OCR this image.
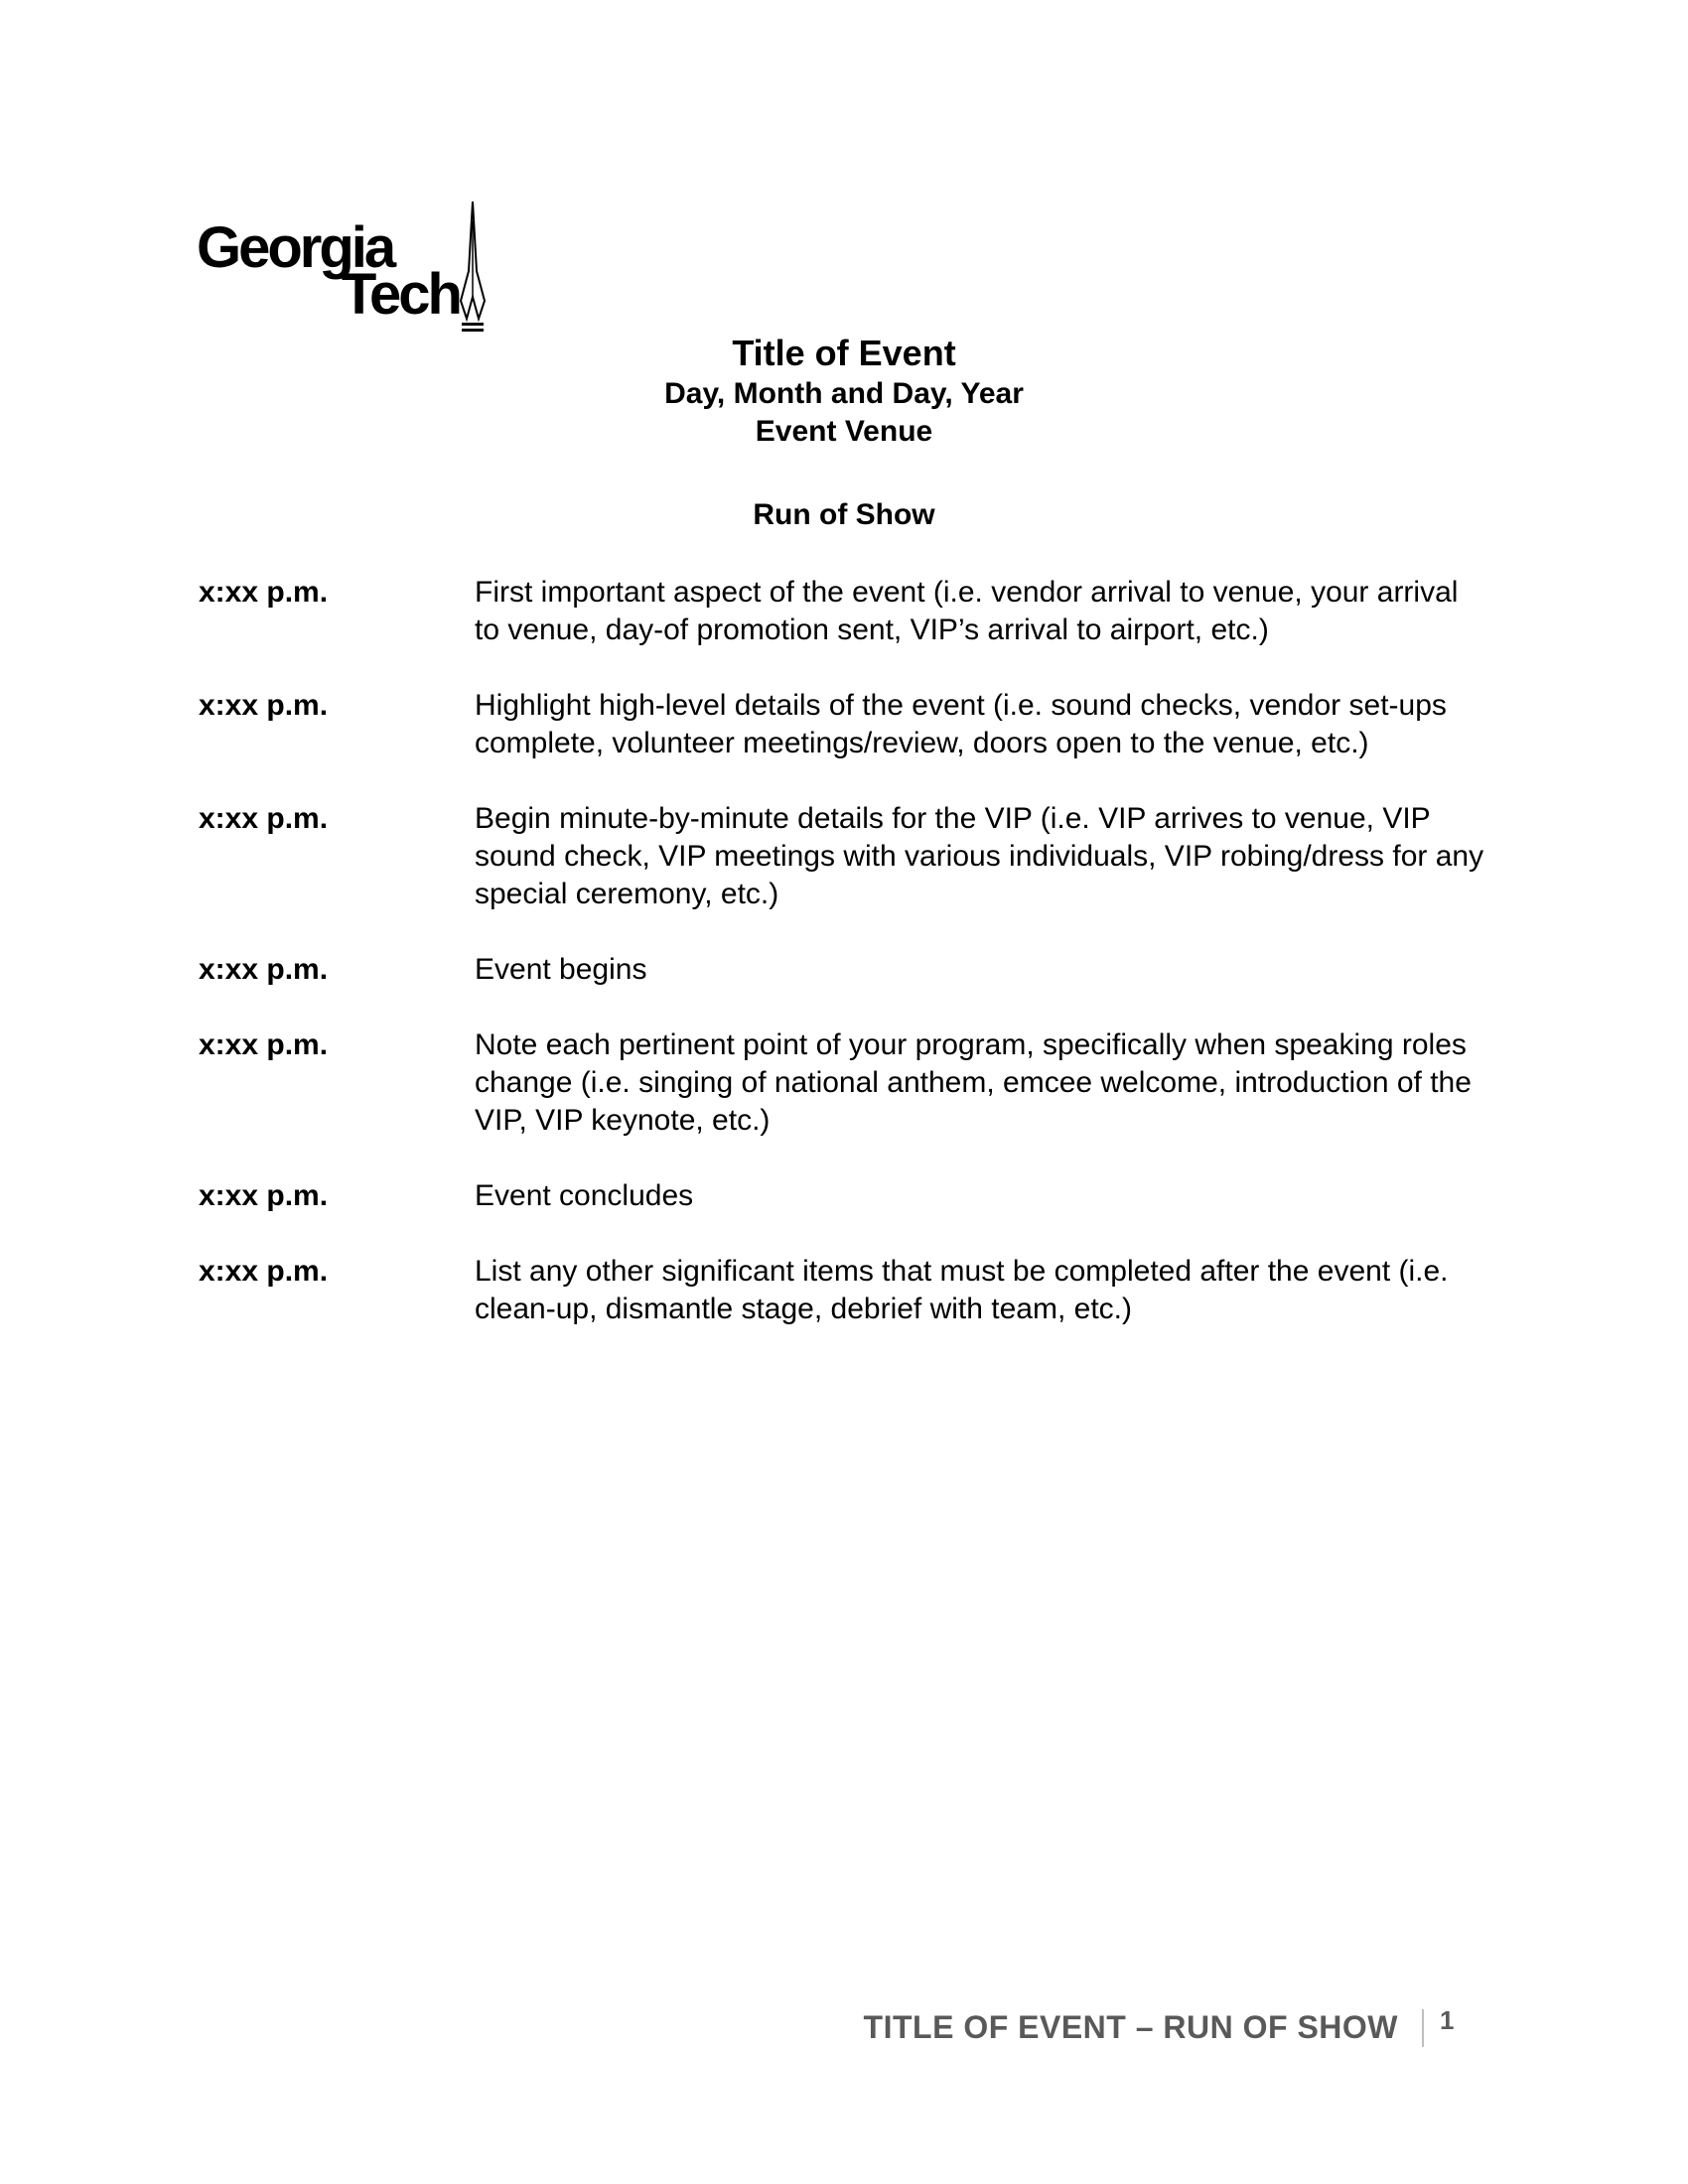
Georgia
Tech
Title of Event
Day, Month and Day, Year
Event Venue
Run of Show
x:xx p.m.	First important aspect of the event (i.e. vendor arrival to venue, your arrival to venue, day-of promotion sent, VIP’s arrival to airport, etc.)
x:xx p.m.	Highlight high-level details of the event (i.e. sound checks, vendor set-ups complete, volunteer meetings/review, doors open to the venue, etc.)
x:xx p.m.	Begin minute-by-minute details for the VIP (i.e. VIP arrives to venue, VIP sound check, VIP meetings with various individuals, VIP robing/dress for any special ceremony, etc.)
x:xx p.m.	Event begins
x:xx p.m.	Note each pertinent point of your program, specifically when speaking roles change (i.e. singing of national anthem, emcee welcome, introduction of the VIP, VIP keynote, etc.)
x:xx p.m.	Event concludes
x:xx p.m.	List any other significant items that must be completed after the event (i.e. clean-up, dismantle stage, debrief with team, etc.)
TITLE OF EVENT – RUN OF SHOW 1
